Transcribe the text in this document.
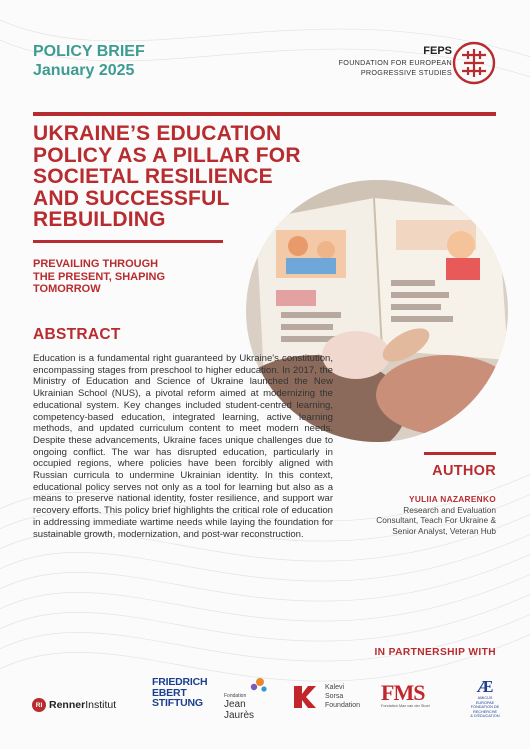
POLICY BRIEF
January 2025
FEPS
FOUNDATION FOR EUROPEAN
PROGRESSIVE STUDIES
UKRAINE’S EDUCATION
POLICY AS A PILLAR FOR
SOCIETAL RESILIENCE
AND SUCCESSFUL
REBUILDING
PREVAILING THROUGH
THE PRESENT, SHAPING
TOMORROW
ABSTRACT
Education is a fundamental right guaranteed by Ukraine's constitution, encompassing stages from preschool to higher education. In 2017, the Ministry of Education and Science of Ukraine launched the New Ukrainian School (NUS), a pivotal reform aimed at modernizing the educational system. Key changes included student-centred learning, competency-based education, integrated learning, active learning methods, and updated curriculum content to meet modern needs. Despite these advancements, Ukraine faces unique challenges due to ongoing conflict. The war has disrupted education, particularly in occupied regions, where policies have been forcibly aligned with Russian curricula to undermine Ukrainian identity. In this context, educational policy serves not only as a tool for learning but also as a means to preserve national identity, foster resilience, and support war recovery efforts. This policy brief highlights the critical role of education in addressing immediate wartime needs while laying the foundation for sustainable growth, modernization, and post-war reconstruction.
AUTHOR
YULIIA NAZARENKO
Research and Evaluation
Consultant, Teach For Ukraine &
Senior Analyst, Veteran Hub
IN PARTNERSHIP WITH
RI RennerInstitut
FRIEDRICH
EBERT
STIFTUNG
Fondation
Jean Jaurès
Kalevi
Sorsa
Foundation
FMS
Fondation Max van der Stoel
Æ
AMICUS EUROPAE
FONDATION DE RECHERCHE
& D'ÉDUCATION
